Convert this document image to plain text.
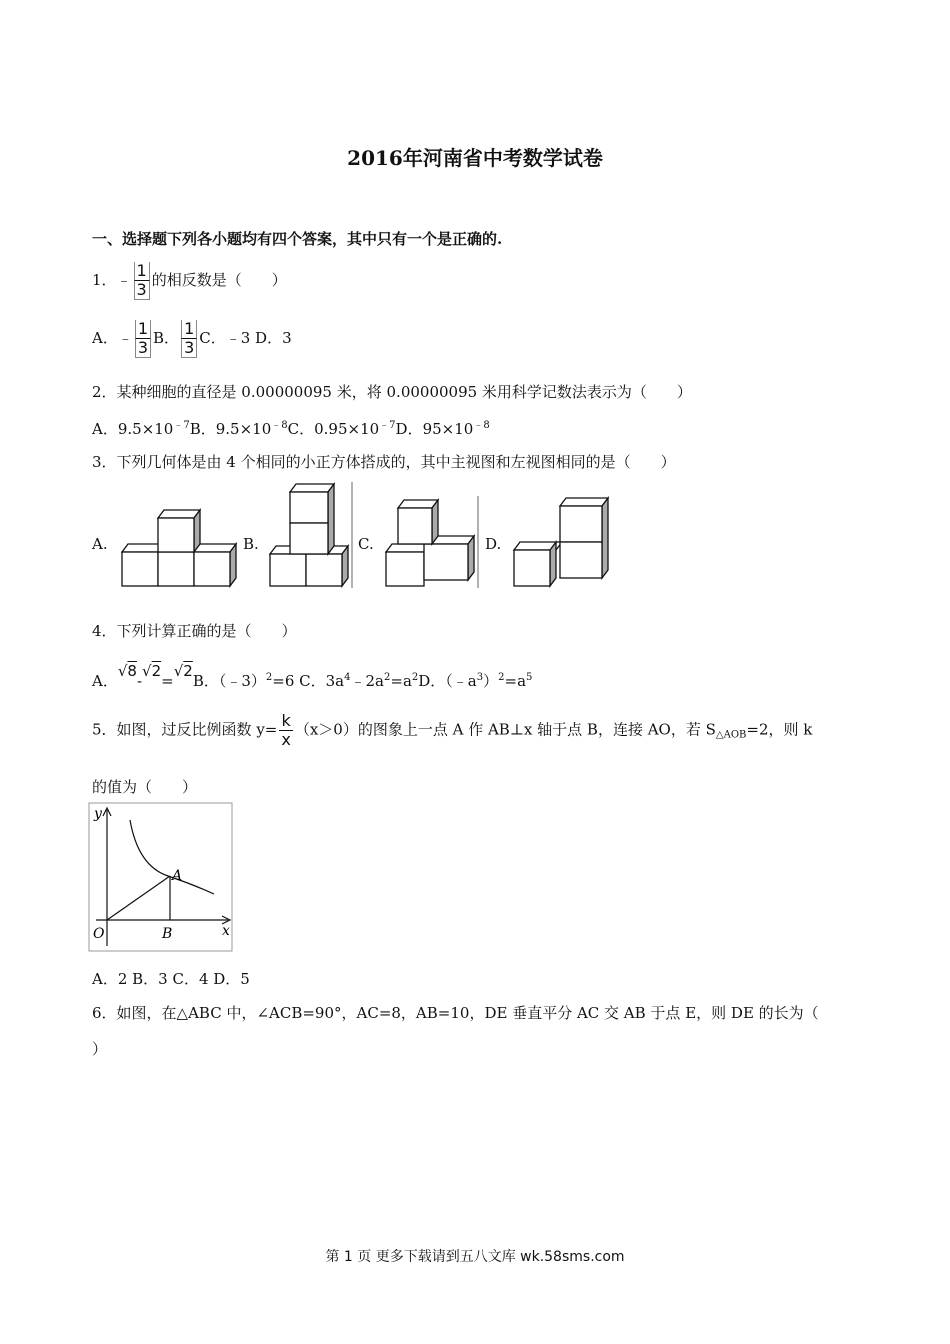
2016年河南省中考数学试卷
一、选择题下列各小题均有四个答案，其中只有一个是正确的.
1．﹣ $\frac{1}{3}$ 的相反数是（　　）
A．﹣ $\frac{1}{3}$ B． $\frac{1}{3}$ C．﹣3 D．3
2．某种细胞的直径是 0.00000095 米，将 0.00000095 米用科学记数法表示为（　　）
A．$9.5\times 10^{﹣7}B$．$9.5\times 10^{﹣8}C$．$0.95\times 10^{﹣7}D$．$95\times 10^{﹣8}$
3．下列几何体是由 4 个相同的小正方体搭成的，其中主视图和左视图相同的是（　　）
A.	B.	C.	D.
4．下列计算正确的是（　　）
A．√8-√2=√2B．（﹣3）$^2$=6 C．$3a^4﹣2a^2=a^2D$．$(﹣a^3)^2=a^5$
5．如图，过反比例函数 $y= \frac{k}{x} (x>0)$的图象上一点 A 作 AB⊥x 轴于点 B，连接 AO，若 $S_{\triangle AOB}=2$，则 k
的值为（　　）
y
x
O
A
B
A．2 B．3 C．4 D．5
6．如图，在△ABC 中，∠ACB=90°，AC=8，AB=10，DE 垂直平分 AC 交 AB 于点 E，则 DE 的长为（
）
第 1 页 更多下载请到五八文库 wk.58sms.com
